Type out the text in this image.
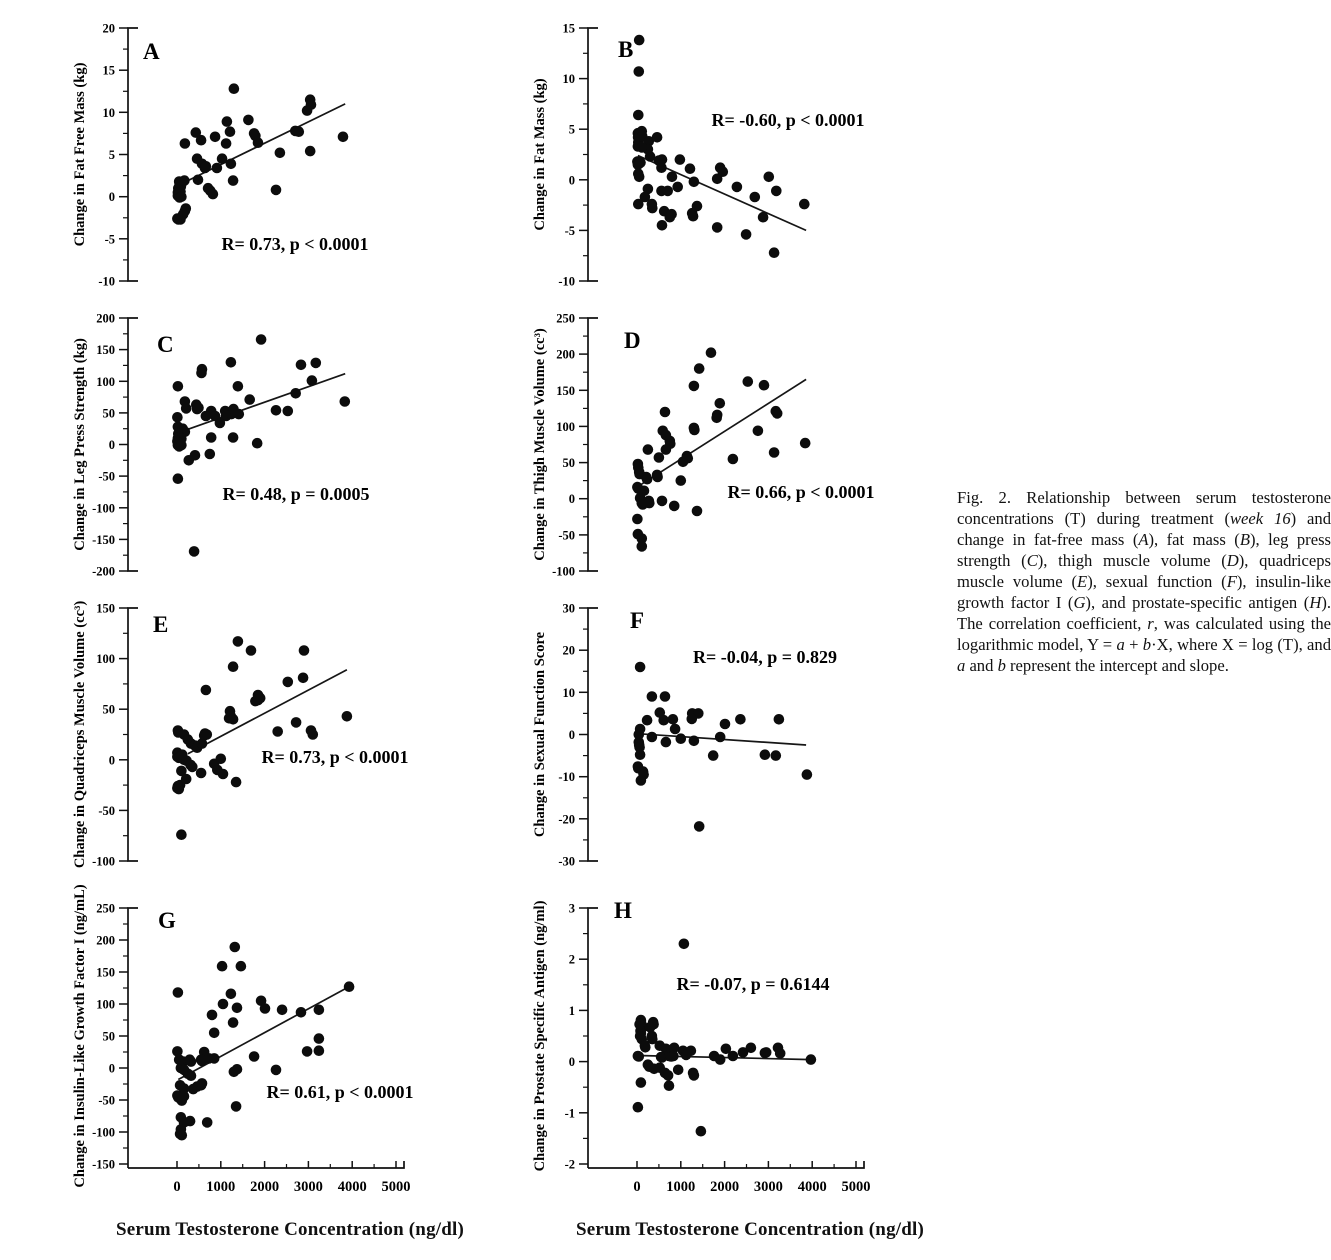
Change in Fat Free Mass (kg)
20
15
10
5
0
-5
-10
R= 0.73, p < 0.0001
A
Change in Leg Press Strength (kg)
200
150
100
50
0
-50
-100
-150
-200
R= 0.48, p = 0.0005
C
Change in Quadriceps Muscle Volume (cc³) 150
100
50
0
-50
-100
R= 0.73, p < 0.0001
E
Change in Insulin-Like Growth Factor I (ng/mL) 250
200
150
100
50
0
-50
-100
-150
0 1000 2000 3000 4000 5000
R= 0.61, p < 0.0001
G
Serum Testosterone Concentration (ng/dl)
Change in Fat Mass (kg)
15
10
5
0
-5
-10
R= -0.60, p < 0.0001
B
Change in Thigh Muscle Volume (cc³)
250
200
150
100
50
0
-50
-100
R= 0.66, p < 0.0001
D
Change in Sexual Function Score
30
20
10
0
-10
-20
-30
R= -0.04, p = 0.829
F
Change in Prostate Specific Antigen (ng/ml) 3
2
1
0
-1
-2
0 1000 2000 3000 4000 5000
R= -0.07, p = 0.6144
H
Serum Testosterone Concentration (ng/dl)
Fig. 2. Relationship between serum testosterone concentrations (T) during treatment (week 16) and change in fat-free mass (A), fat mass (B), leg press strength (C), thigh muscle volume (D), quadriceps muscle volume (E), sexual function (F), insulin-like growth factor I (G), and prostate-specific antigen (H). The correlation coefficient, r, was calculated using the logarithmic model, Y = a + b·X, where X = log (T), and a and b represent the intercept and slope.
